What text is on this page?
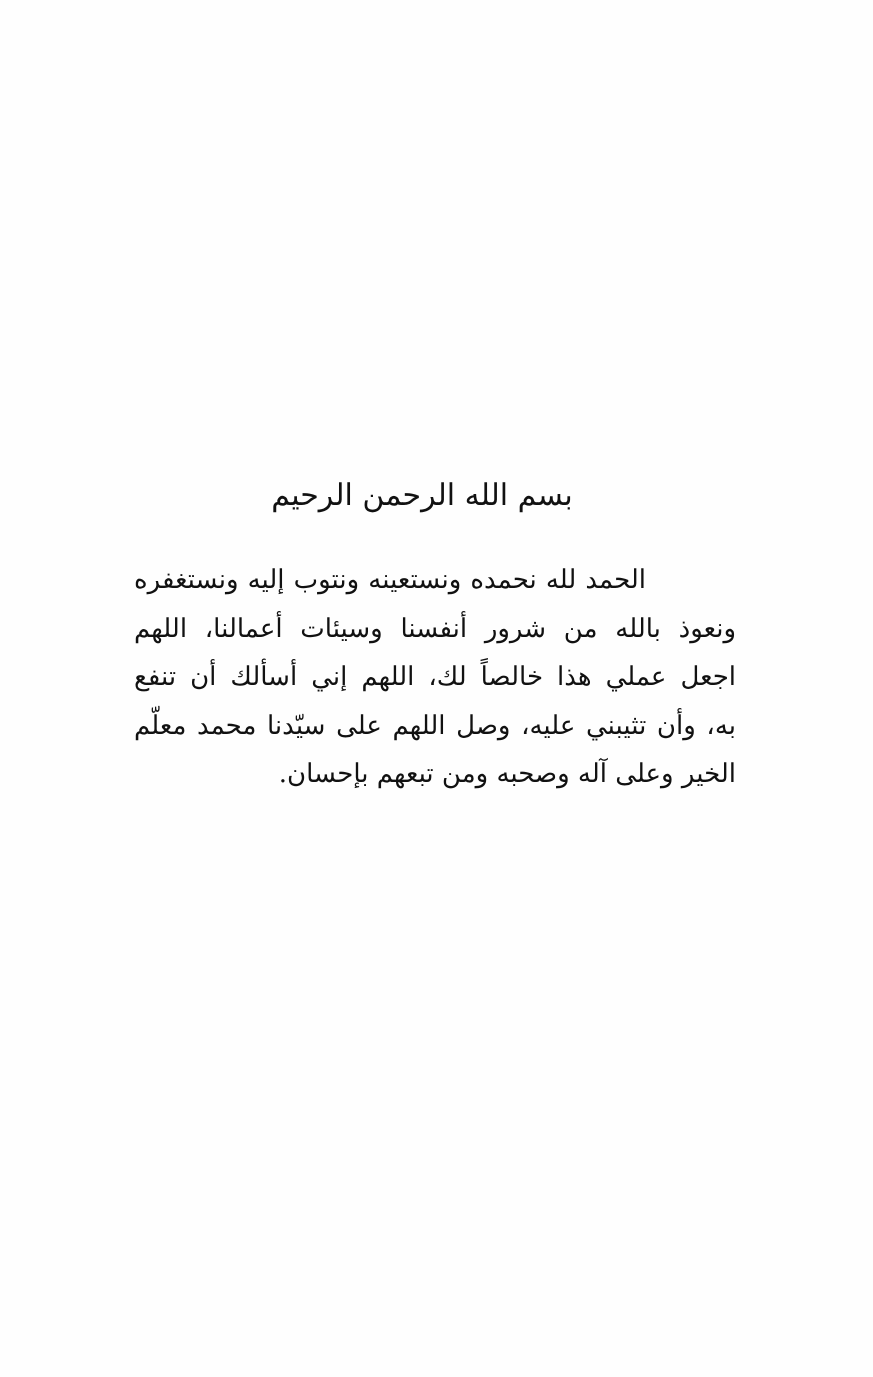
بسم الله الرحمن الرحيم
الحمد لله نحمده ونستعينه ونتوب إليه ونستغفره
ونعوذ بالله من شرور أنفسنا وسيئات أعمالنا، اللهم
اجعل عملي هذا خالصاً لك، اللهم إني أسألك أن تنفع
به، وأن تثيبني عليه، وصل اللهم على سيّدنا محمد معلّم
الخير وعلى آله وصحبه ومن تبعهم بإحسان.
